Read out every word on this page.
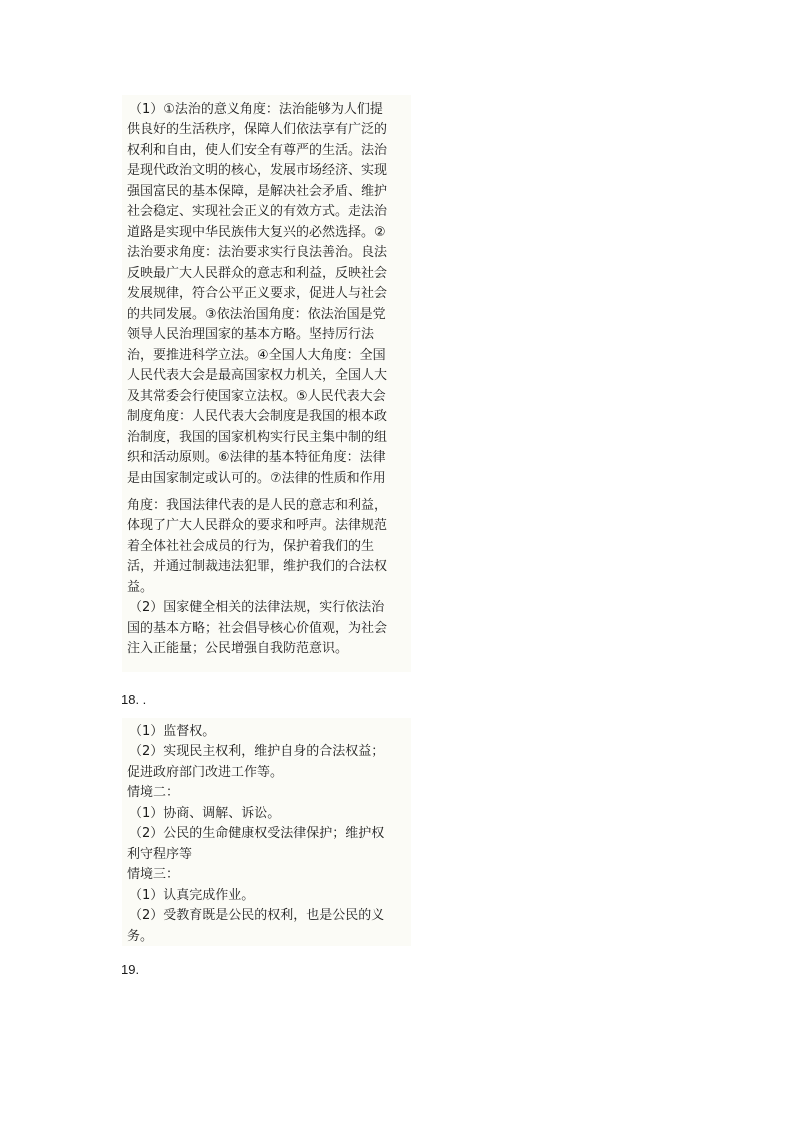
（1）①法治的意义角度：法治能够为人们提
供良好的生活秩序，保障人们依法享有广泛的
权利和自由，使人们安全有尊严的生活。法治
是现代政治文明的核心，发展市场经济、实现
强国富民的基本保障，是解决社会矛盾、维护
社会稳定、实现社会正义的有效方式。走法治
道路是实现中华民族伟大复兴的必然选择。②
法治要求角度：法治要求实行良法善治。良法
反映最广大人民群众的意志和利益，反映社会
发展规律，符合公平正义要求，促进人与社会
的共同发展。③依法治国角度：依法治国是党
领导人民治理国家的基本方略。坚持厉行法
治，要推进科学立法。④全国人大角度：全国
人民代表大会是最高国家权力机关，全国人大
及其常委会行使国家立法权。⑤人民代表大会
制度角度：人民代表大会制度是我国的根本政
治制度，我国的国家机构实行民主集中制的组
织和活动原则。⑥法律的基本特征角度：法律
是由国家制定或认可的。⑦法律的性质和作用
角度：我国法律代表的是人民的意志和利益，
体现了广大人民群众的要求和呼声。法律规范
着全体社社会成员的行为，保护着我们的生
活，并通过制裁违法犯罪，维护我们的合法权
益。
（2）国家健全相关的法律法规，实行依法治
国的基本方略；社会倡导核心价值观，为社会
注入正能量；公民增强自我防范意识。
18. .
（1）监督权。
（2）实现民主权利，维护自身的合法权益；
促进政府部门改进工作等。
情境二：
（1）协商、调解、诉讼。
（2）公民的生命健康权受法律保护；维护权
利守程序等
情境三：
（1）认真完成作业。
（2）受教育既是公民的权利，也是公民的义
务。
19.
